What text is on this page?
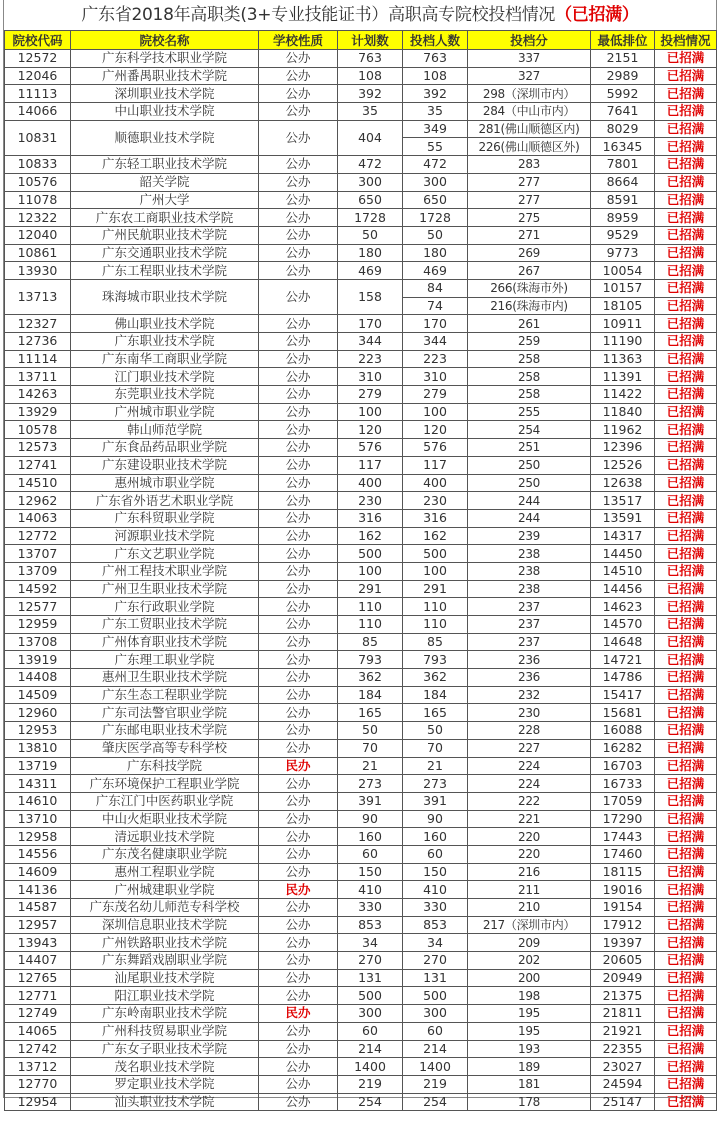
广东省2018年高职类(3+专业技能证书）高职高专院校投档情况（已招满）
院校代码	院校名称	学校性质	计划数	投档人数	投档分	最低排位	投档情况
12572	广东科学技术职业学院	公办	763	763	337	2151	已招满
12046	广州番禺职业技术学院	公办	108	108	327	2989	已招满
11113	深圳职业技术学院	公办	392	392	298（深圳市内）	5992	已招满
14066	中山职业技术学院	公办	35	35	284（中山市内）	7641	已招满
10831	顺德职业技术学院	公办	404	349	281(佛山顺德区内)	8029	已招满
				55	226(佛山顺德区外)	16345	已招满
10833	广东轻工职业技术学院	公办	472	472	283	7801	已招满
10576	韶关学院	公办	300	300	277	8664	已招满
11078	广州大学	公办	650	650	277	8591	已招满
12322	广东农工商职业技术学院	公办	1728	1728	275	8959	已招满
12040	广州民航职业技术学院	公办	50	50	271	9529	已招满
10861	广东交通职业技术学院	公办	180	180	269	9773	已招满
13930	广东工程职业技术学院	公办	469	469	267	10054	已招满
13713	珠海城市职业技术学院	公办	158	84	266(珠海市外)	10157	已招满
				74	216(珠海市内)	18105	已招满
12327	佛山职业技术学院	公办	170	170	261	10911	已招满
12736	广东职业技术学院	公办	344	344	259	11190	已招满
11114	广东南华工商职业学院	公办	223	223	258	11363	已招满
13711	江门职业技术学院	公办	310	310	258	11391	已招满
14263	东莞职业技术学院	公办	279	279	258	11422	已招满
13929	广州城市职业学院	公办	100	100	255	11840	已招满
10578	韩山师范学院	公办	120	120	254	11962	已招满
12573	广东食品药品职业学院	公办	576	576	251	12396	已招满
12741	广东建设职业技术学院	公办	117	117	250	12526	已招满
14510	惠州城市职业学院	公办	400	400	250	12638	已招满
12962	广东省外语艺术职业学院	公办	230	230	244	13517	已招满
14063	广东科贸职业学院	公办	316	316	244	13591	已招满
12772	河源职业技术学院	公办	162	162	239	14317	已招满
13707	广东文艺职业学院	公办	500	500	238	14450	已招满
13709	广州工程技术职业学院	公办	100	100	238	14510	已招满
14592	广州卫生职业技术学院	公办	291	291	238	14456	已招满
12577	广东行政职业学院	公办	110	110	237	14623	已招满
12959	广东工贸职业技术学院	公办	110	110	237	14570	已招满
13708	广州体育职业技术学院	公办	85	85	237	14648	已招满
13919	广东理工职业学院	公办	793	793	236	14721	已招满
14408	惠州卫生职业技术学院	公办	362	362	236	14786	已招满
14509	广东生态工程职业学院	公办	184	184	232	15417	已招满
12960	广东司法警官职业学院	公办	165	165	230	15681	已招满
12953	广东邮电职业技术学院	公办	50	50	228	16088	已招满
13810	肇庆医学高等专科学校	公办	70	70	227	16282	已招满
13719	广东科技学院	民办	21	21	224	16703	已招满
14311	广东环境保护工程职业学院	公办	273	273	224	16733	已招满
14610	广东江门中医药职业学院	公办	391	391	222	17059	已招满
13710	中山火炬职业技术学院	公办	90	90	221	17290	已招满
12958	清远职业技术学院	公办	160	160	220	17443	已招满
14556	广东茂名健康职业学院	公办	60	60	220	17460	已招满
14609	惠州工程职业学院	公办	150	150	216	18115	已招满
14136	广州城建职业学院	民办	410	410	211	19016	已招满
14587	广东茂名幼儿师范专科学校	公办	330	330	210	19154	已招满
12957	深圳信息职业技术学院	公办	853	853	217（深圳市内）	17912	已招满
13943	广州铁路职业技术学院	公办	34	34	209	19397	已招满
14407	广东舞蹈戏剧职业学院	公办	270	270	202	20605	已招满
12765	汕尾职业技术学院	公办	131	131	200	20949	已招满
12771	阳江职业技术学院	公办	500	500	198	21375	已招满
12749	广东岭南职业技术学院	民办	300	300	195	21811	已招满
14065	广州科技贸易职业学院	公办	60	60	195	21921	已招满
12742	广东女子职业技术学院	公办	214	214	193	22355	已招满
13712	茂名职业技术学院	公办	1400	1400	189	23027	已招满
12770	罗定职业技术学院	公办	219	219	181	24594	已招满
12954	汕头职业技术学院	公办	254	254	178	25147	已招满
